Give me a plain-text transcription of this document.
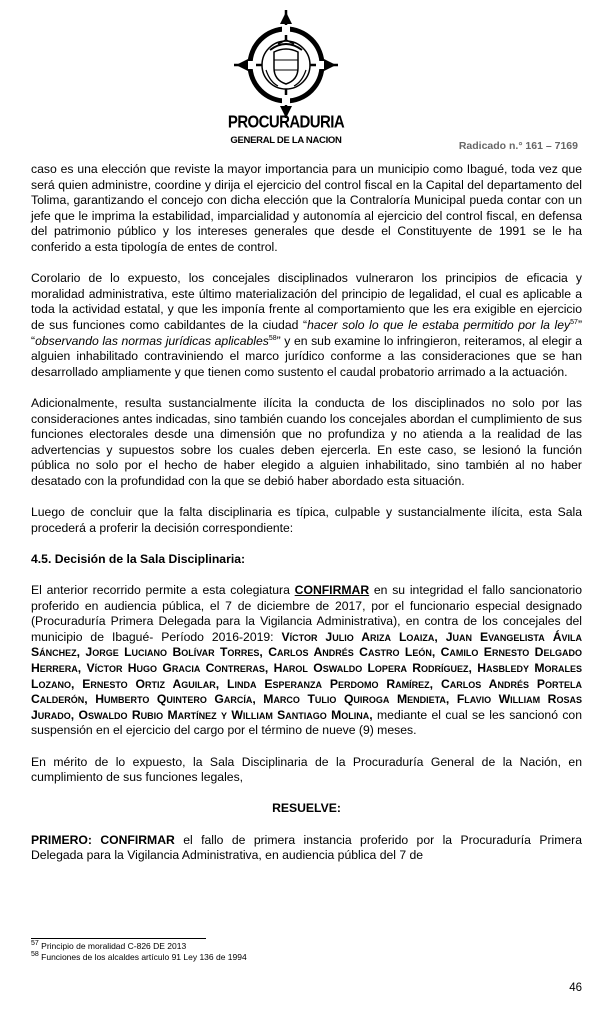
PROCURADURIA
GENERAL DE LA NACION	Radicado n.° 161 – 7169

caso es una elección que reviste la mayor importancia para un municipio como Ibagué, toda vez que será quien administre, coordine y dirija el ejercicio del control fiscal en la Capital del departamento del Tolima, garantizando el concejo con dicha elección que la Contraloría Municipal pueda contar con un jefe que le imprima la estabilidad, imparcialidad y autonomía al ejercicio del control fiscal, en defensa del patrimonio público y los intereses generales que desde el Constituyente de 1991 se le ha conferido a esta tipología de entes de control.

Corolario de lo expuesto, los concejales disciplinados vulneraron los principios de eficacia y moralidad administrativa, este último materialización del principio de legalidad, el cual es aplicable a toda la actividad estatal, y que les imponía frente al comportamiento que les era exigible en ejercicio de sus funciones como cabildantes de la ciudad “hacer solo lo que le estaba permitido por la ley$^{57}$” “observando las normas jurídicas aplicables$^{58}$” y en sub examine lo infringieron, reiteramos, al elegir a alguien inhabilitado contraviniendo el marco jurídico conforme a las consideraciones que se han desarrollado ampliamente y que tienen como sustento el caudal probatorio arrimado a la actuación.

Adicionalmente, resulta sustancialmente ilícita la conducta de los disciplinados no solo por las consideraciones antes indicadas, sino también cuando los concejales abordan el cumplimiento de sus funciones electorales desde una dimensión que no profundiza y no atienda a la realidad de las advertencias y supuestos sobre los cuales deben ejercerla. En este caso, se lesionó la función pública no solo por el hecho de haber elegido a alguien inhabilitado, sino también al no haber desatado con la profundidad con la que se debió haber abordado esta situación.

Luego de concluir que la falta disciplinaria es típica, culpable y sustancialmente ilícita, esta Sala procederá a proferir la decisión correspondiente:

4.5. Decisión de la Sala Disciplinaria:

El anterior recorrido permite a esta colegiatura CONFIRMAR en su integridad el fallo sancionatorio proferido en audiencia pública, el 7 de diciembre de 2017, por el funcionario especial designado (Procuraduría Primera Delegada para la Vigilancia Administrativa), en contra de los concejales del municipio de Ibagué- Período 2016-2019: Víctor Julio Ariza Loaiza, Juan Evangelista Ávila Sánchez, Jorge Luciano Bolívar Torres, Carlos Andrés Castro León, Camilo Ernesto Delgado Herrera, Víctor Hugo Gracia Contreras, Harol Oswaldo Lopera Rodríguez, Hasbledy Morales Lozano, Ernesto Ortiz Aguilar, Linda Esperanza Perdomo Ramírez, Carlos Andrés Portela Calderón, Humberto Quintero García, Marco Tulio Quiroga Mendieta, Flavio William Rosas Jurado, Oswaldo Rubio Martínez y William Santiago Molina, mediante el cual se les sancionó con suspensión en el ejercicio del cargo por el término de nueve (9) meses.

En mérito de lo expuesto, la Sala Disciplinaria de la Procuraduría General de la Nación, en cumplimiento de sus funciones legales,

RESUELVE:

PRIMERO: CONFIRMAR el fallo de primera instancia proferido por la Procuraduría Primera Delegada para la Vigilancia Administrativa, en audiencia pública del 7 de

$^{57}$ Principio de moralidad C-826 DE 2013
$^{58}$ Funciones de los alcaldes artículo 91 Ley 136 de 1994
46
